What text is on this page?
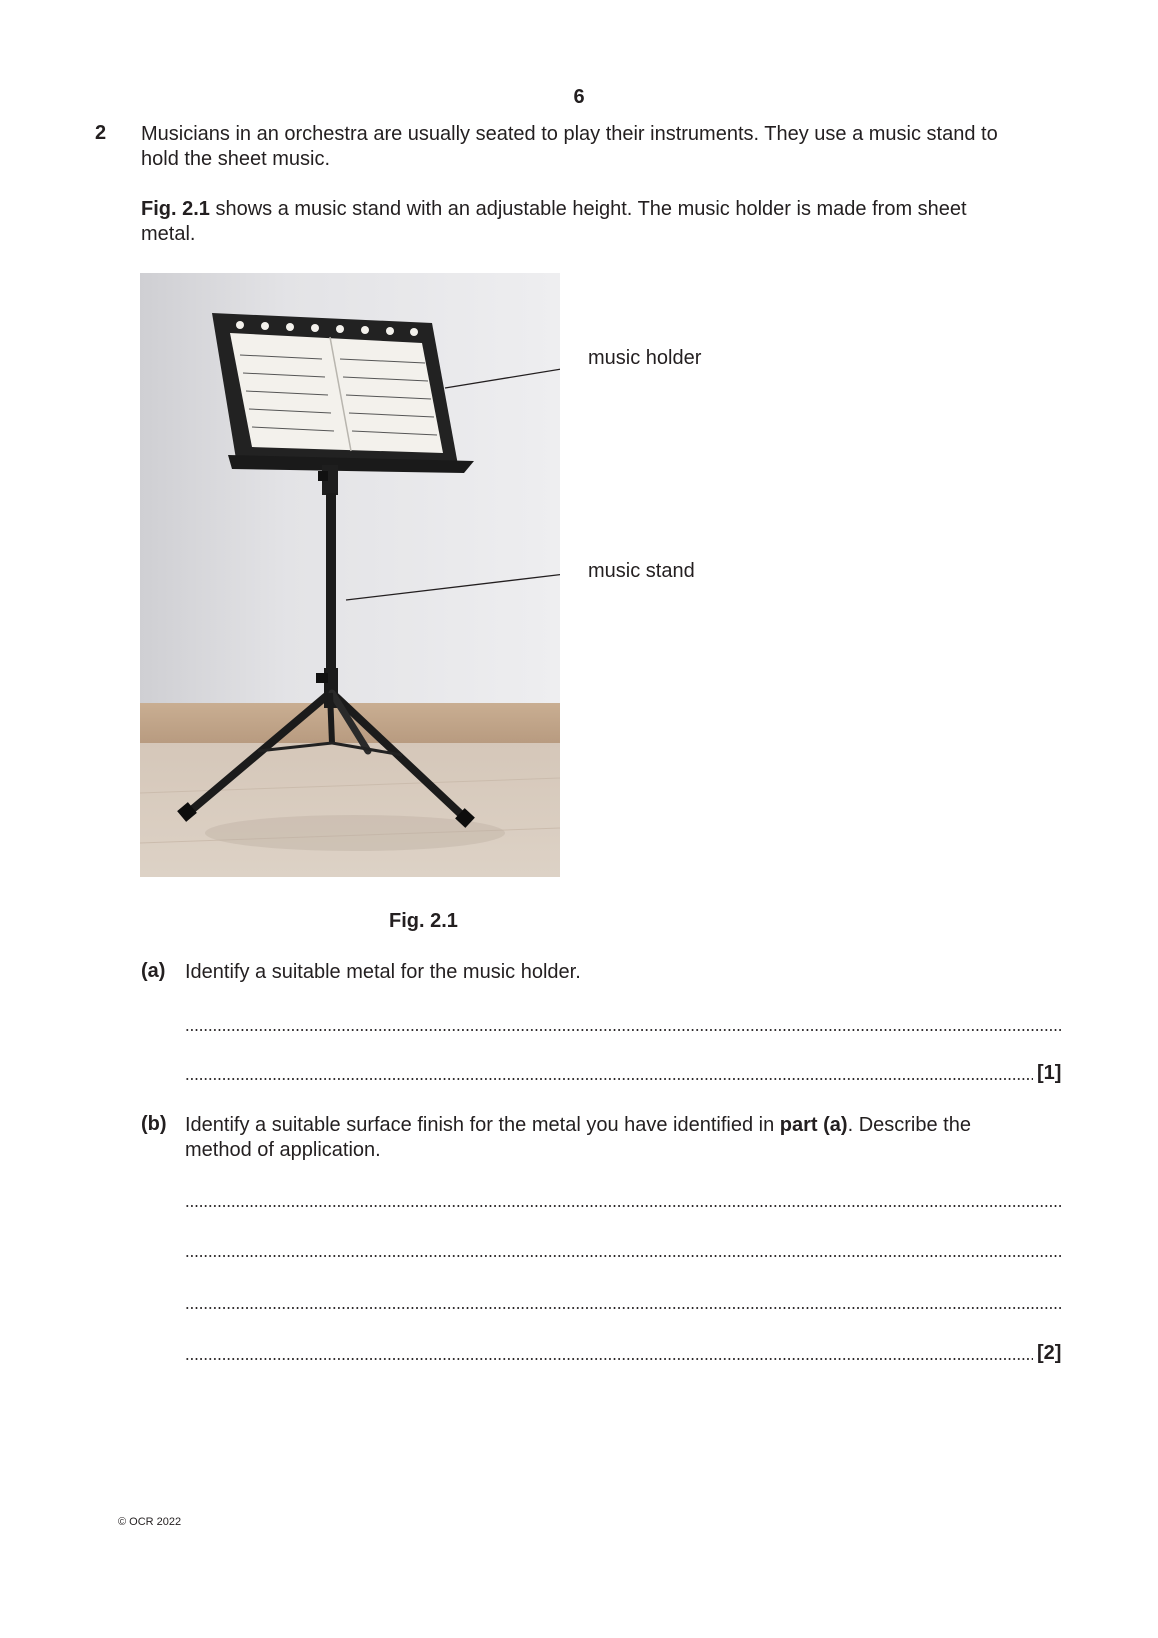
6
2 Musicians in an orchestra are usually seated to play their instruments. They use a music stand to
hold the sheet music.
Fig. 2.1 shows a music stand with an adjustable height. The music holder is made from sheet
metal.
music holder
music stand
Fig. 2.1
(a) Identify a suitable metal for the music holder.
[1]
(b) Identify a suitable surface finish for the metal you have identified in part (a). Describe the
method of application.
[2]
© OCR 2022
